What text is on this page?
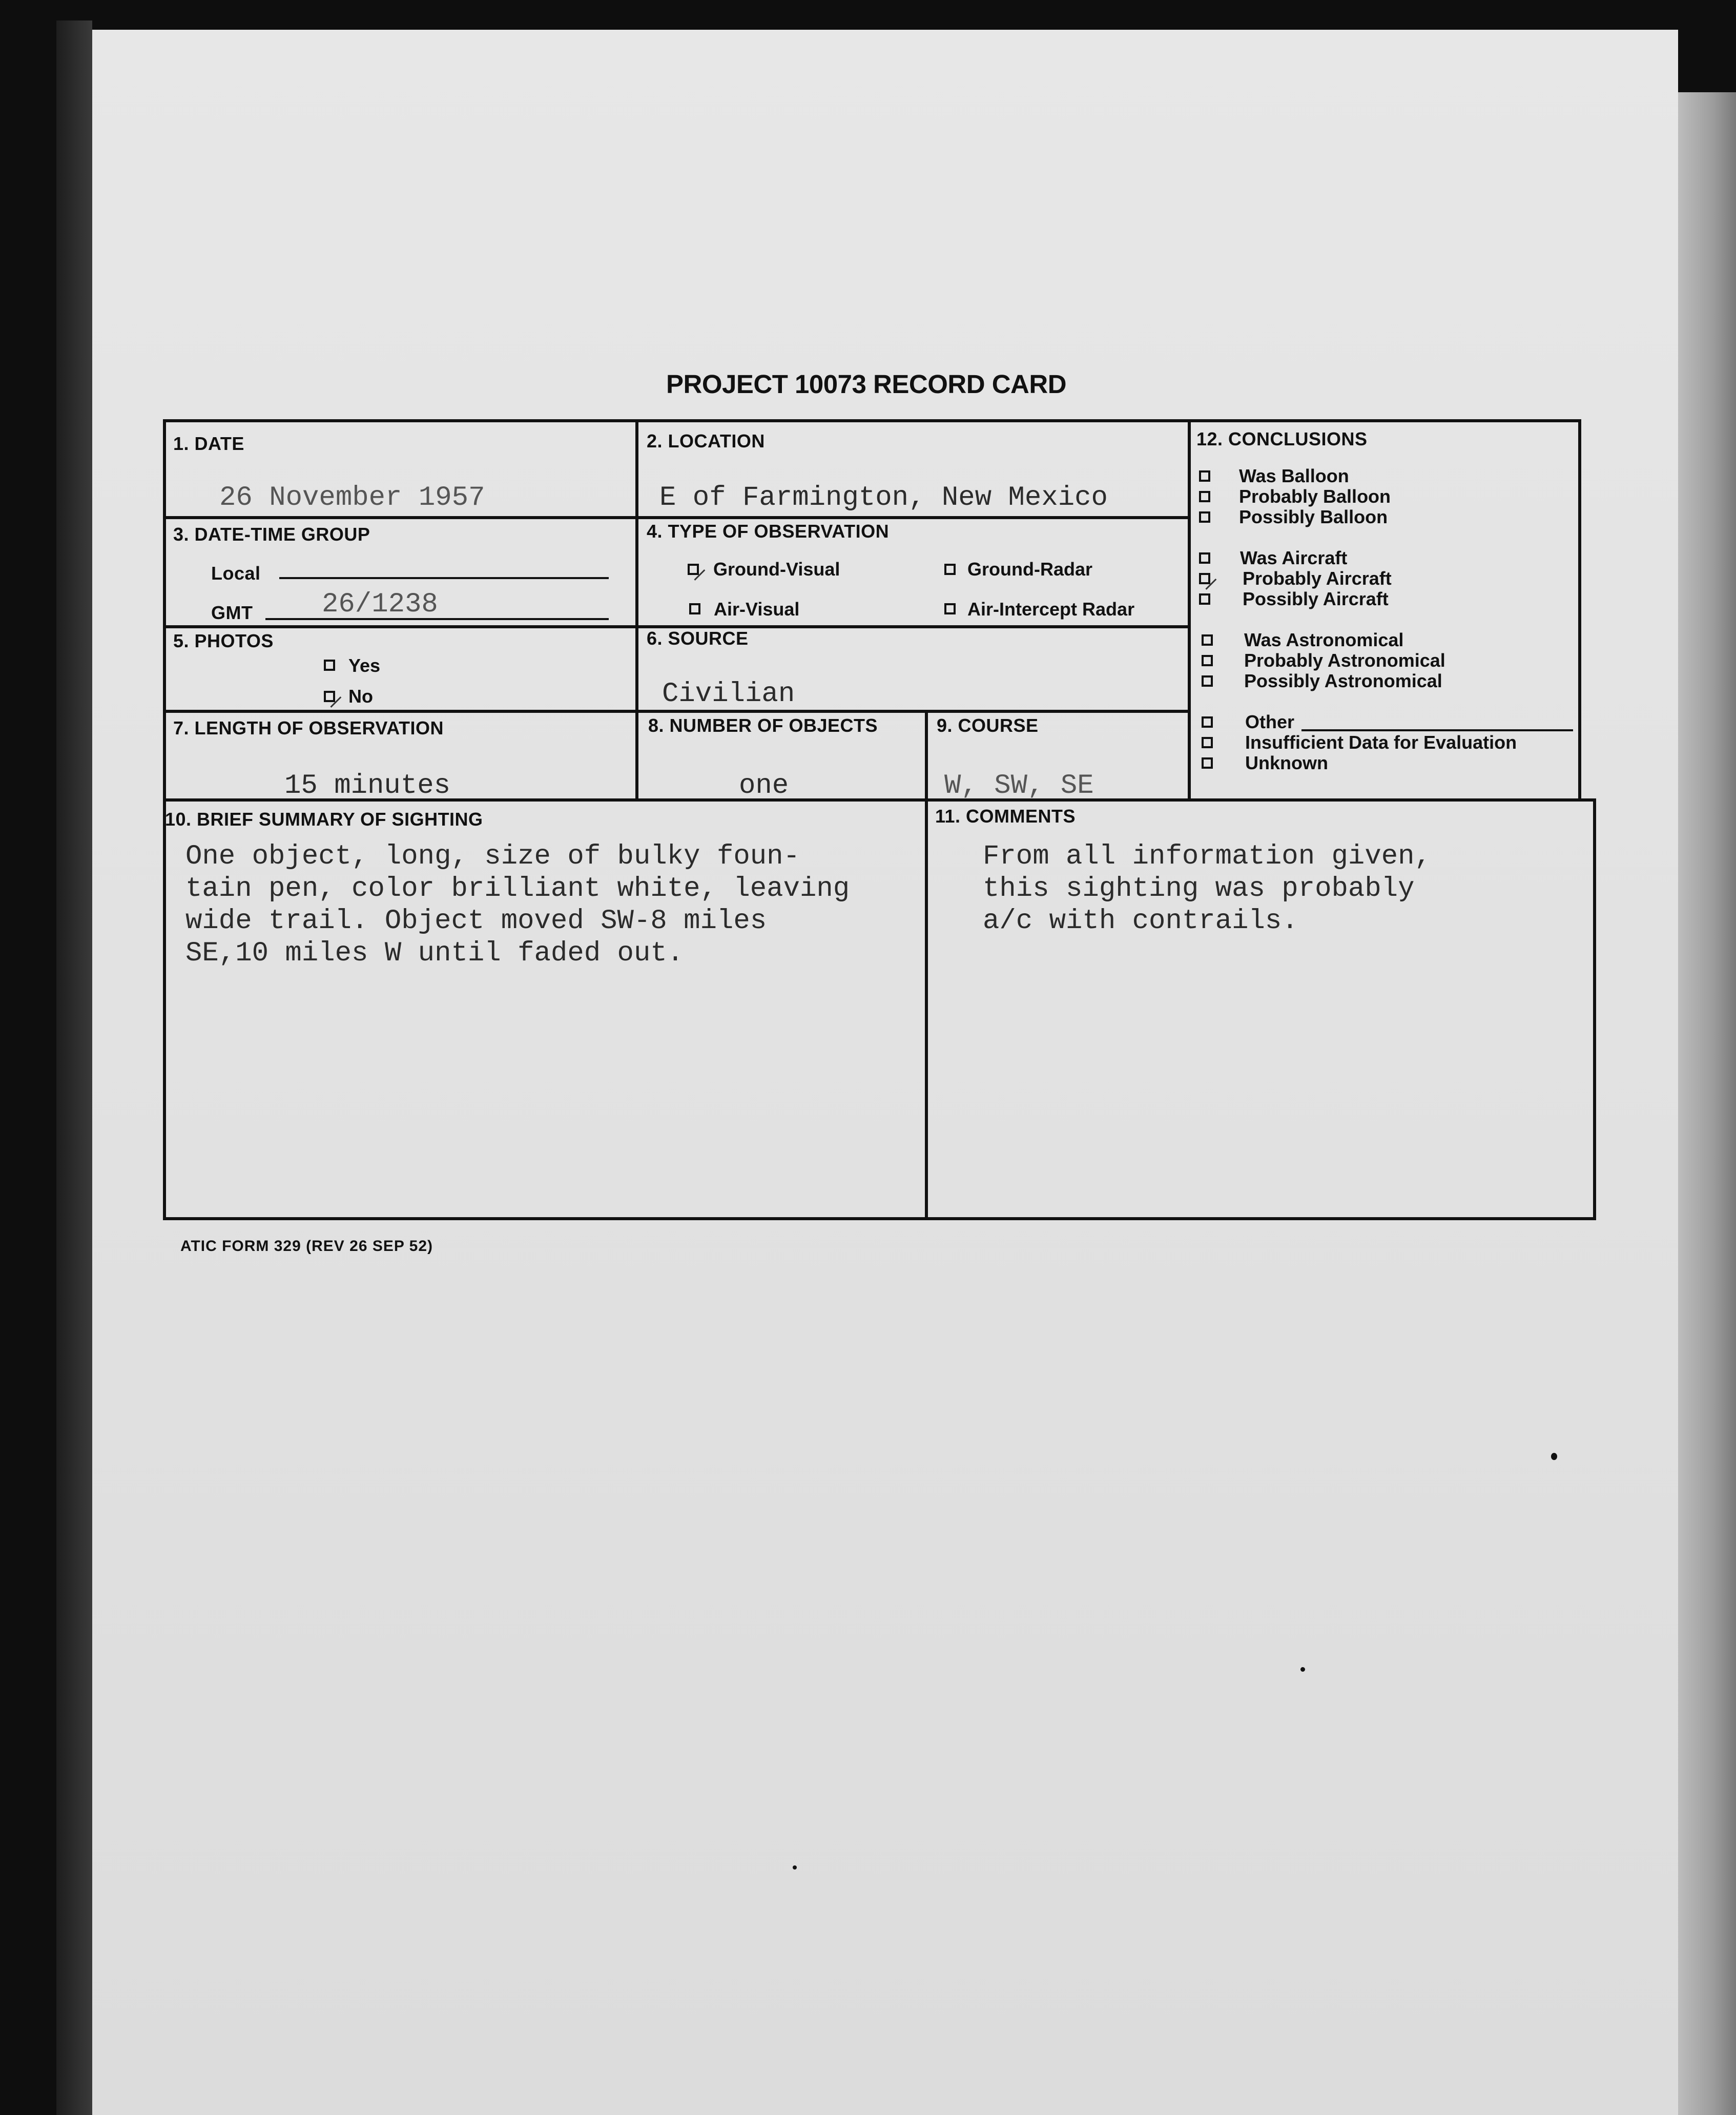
PROJECT 10073 RECORD CARD
1. DATE
26 November 1957
2. LOCATION
E of Farmington, New Mexico
3. DATE-TIME GROUP
Local
GMT 26/1238
4. TYPE OF OBSERVATION
Ground-Visual	Ground-Radar
Air-Visual	Air-Intercept Radar
5. PHOTOS
Yes
No
6. SOURCE
Civilian
7. LENGTH OF OBSERVATION
15 minutes
8. NUMBER OF OBJECTS
one
9. COURSE
W, SW, SE
10. BRIEF SUMMARY OF SIGHTING
One object, long, size of bulky foun-
tain pen, color brilliant white, leaving
wide trail. Object moved SW-8 miles
SE,10 miles W until faded out.
11. COMMENTS
From all information given,
this sighting was probably
a/c with contrails.
12. CONCLUSIONS
Was Balloon
Probably Balloon
Possibly Balloon
Was Aircraft
Probably Aircraft
Possibly Aircraft
Was Astronomical
Probably Astronomical
Possibly Astronomical
Other
Insufficient Data for Evaluation
Unknown
ATIC FORM 329 (REV 26 SEP 52)
